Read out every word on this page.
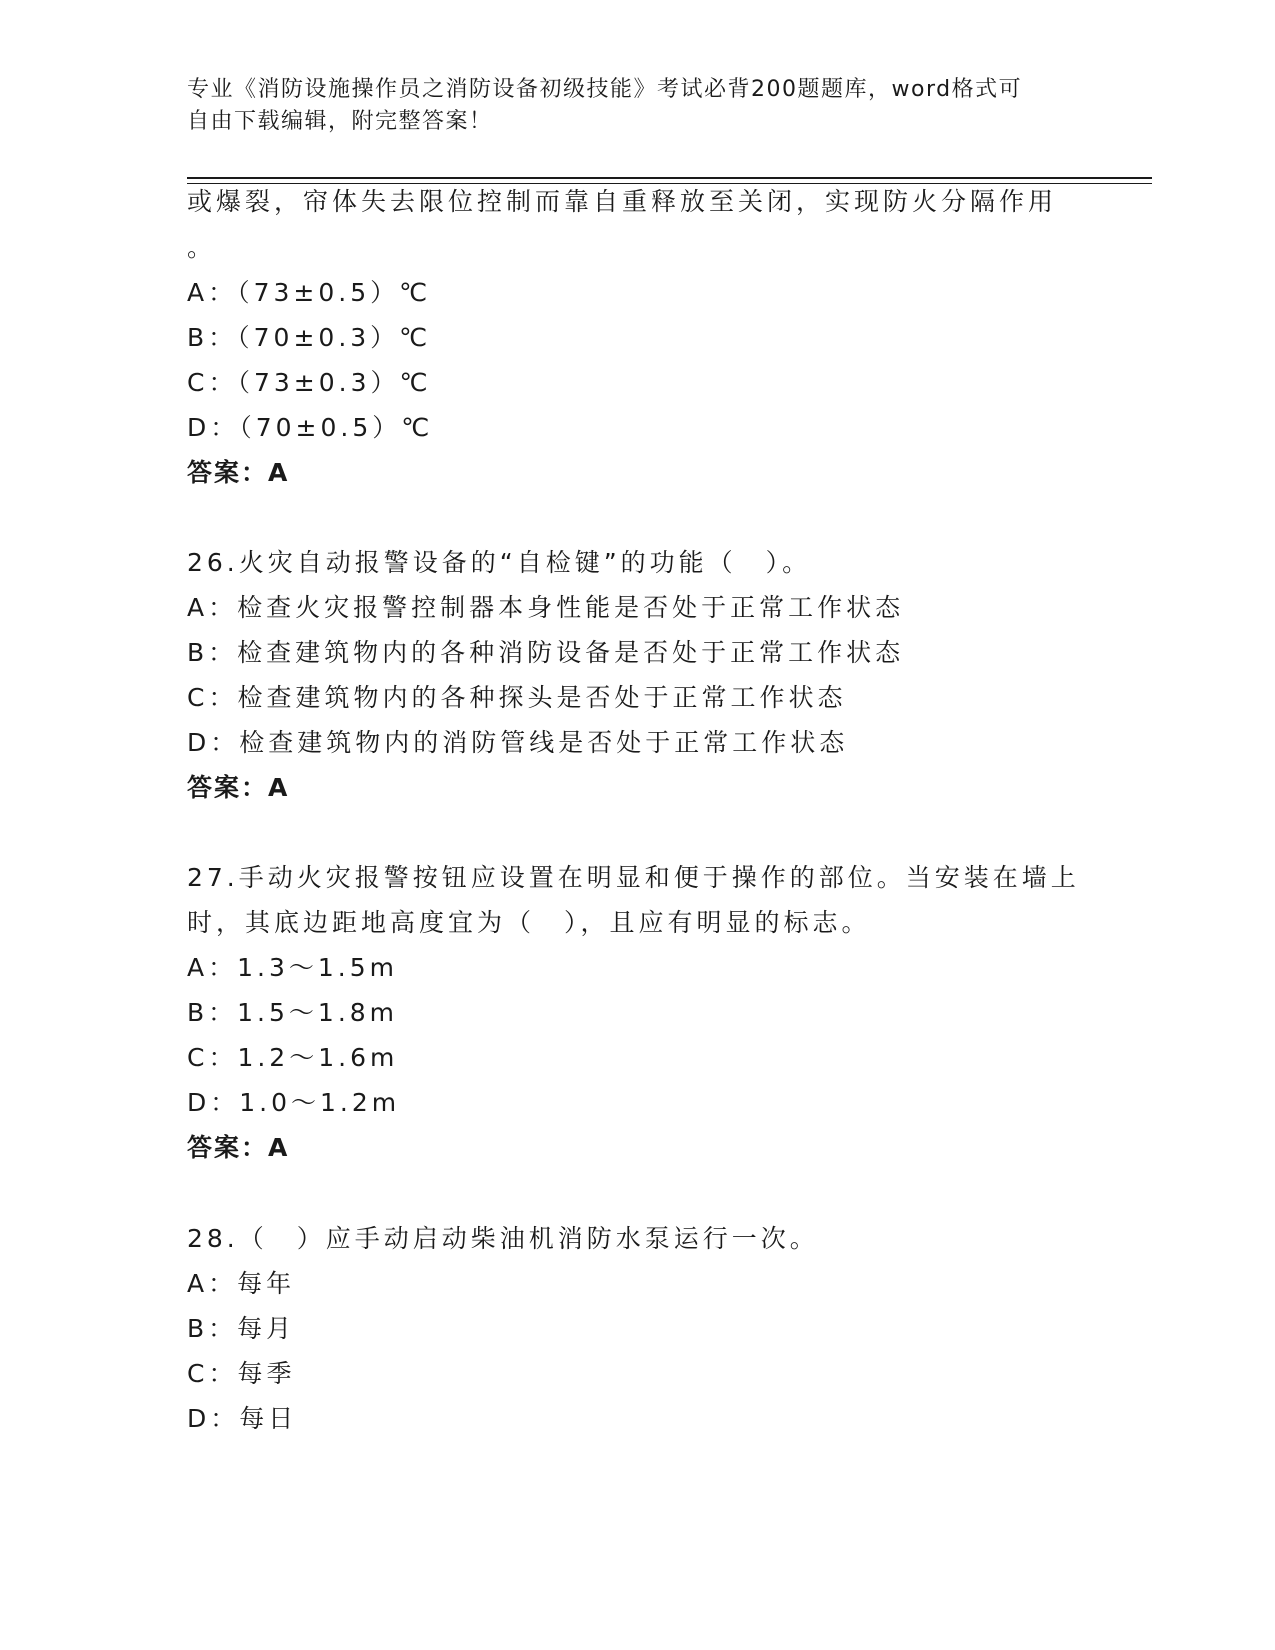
专业《消防设施操作员之消防设备初级技能》考试必背200题题库，word格式可
自由下载编辑，附完整答案！
或爆裂，帘体失去限位控制而靠自重释放至关闭，实现防火分隔作用
。
A：（73±0.5）℃
B：（70±0.3）℃
C：（73±0.3）℃
D：（70±0.5）℃
答案：A
26.火灾自动报警设备的“自检键”的功能（　）。
A：检查火灾报警控制器本身性能是否处于正常工作状态
B：检查建筑物内的各种消防设备是否处于正常工作状态
C：检查建筑物内的各种探头是否处于正常工作状态
D：检查建筑物内的消防管线是否处于正常工作状态
答案：A
27.手动火灾报警按钮应设置在明显和便于操作的部位。当安装在墙上
时，其底边距地高度宜为（　），且应有明显的标志。
A：1.3～1.5m
B：1.5～1.8m
C：1.2～1.6m
D：1.0～1.2m
答案：A
28.（　）应手动启动柴油机消防水泵运行一次。
A：每年
B：每月
C：每季
D：每日
